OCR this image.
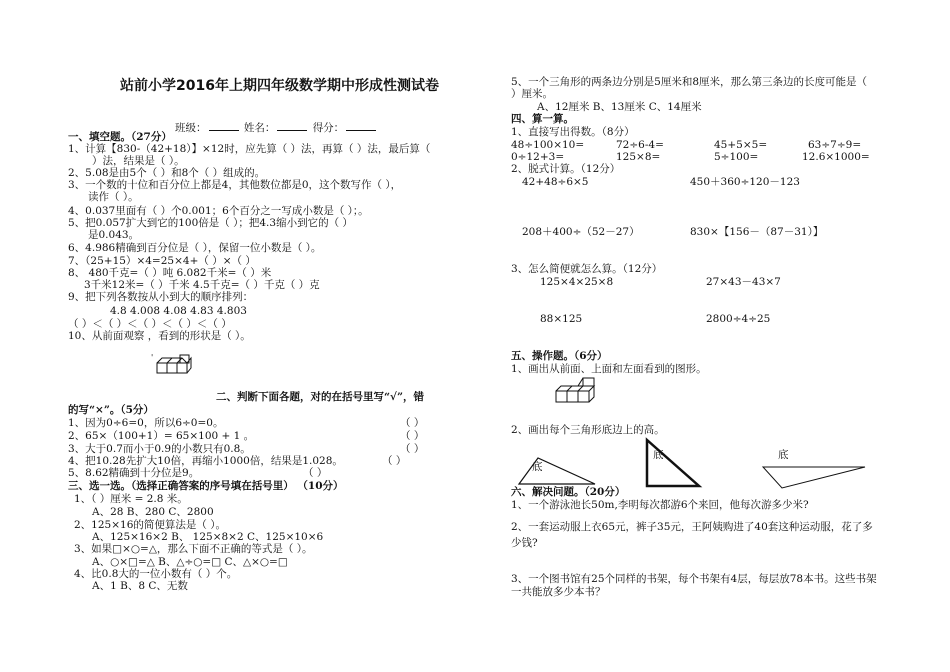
站前小学2016年上期四年级数学期中形成性测试卷
班级：	姓名：	得分：
一、填空题。（27分）
1、计算【830-（42+18）】×12时，应先算（ ）法，再算（ ）法，最后算（
）法，结果是（ ）。
2、5.08是由5个（ ）和8个（ ）组成的。
3、一个数的十位和百分位上都是4，其他数位都是0，这个数写作（ ），
读作（ ）。
4、0.037里面有（ ）个0.001；6个百分之一写成小数是（ ）；。
5、把0.057扩大到它的100倍是（ ）；把4.3缩小到它的（ ）
是0.043。
6、4.986精确到百分位是（ ），保留一位小数是（ ）。
7、（25+15）×4=25×4+（ ）×（ ）
8、 480千克=（ ）吨 6.082千米=（ ）米
3千米12米=（ ）千米 4.5千克=（ ）千克（ ）克
9、把下列各数按从小到大的顺序排列：
4.8 4.008 4.08 4.83 4.803
（ ）＜（ ）＜（ ）＜（ ）＜（ ）
10、从前面观察 ，看到的形状是（ ）。
'
二、判断下面各题，对的在括号里写“√”，错
的写“×”。（5分）
1、因为0÷6=0，所以6÷0=0。	（ ）
2、65×（100+1）= 65×100 + 1 。	（ ）
3、大于0.7而小于0.9的小数只有0.8。	（ ）
4、把10.28先扩大10倍，再缩小1000倍，结果是1.028。	（ ）
5、8.62精确到十分位是9。	（ ）
三、选一选。（选择正确答案的序号填在括号里） （10分）
1、（ ）厘米 = 2.8 米。
A、28 B、280 C、2800
2、125×16的简便算法是（ ）。
A、125×16×2 B、 125×8×2 C、125×10×6
3、如果□×○=△，那么下面不正确的等式是（ ）。
A、○×□=△ B、△÷○=□ C、△×○=□
4、比0.8大的一位小数有（ ）个。
A、1 B、8 C、无数
5、一个三角形的两条边分别是5厘米和8厘米，那么第三条边的长度可能是（
）厘米。
A、12厘米 B、13厘米 C、14厘米
四、算一算。
1、直接写出得数。（8分）
48÷100×10=	72÷6-4=	45+5×5=	63÷7÷9=
0÷12+3=	125×8=	5÷100=	12.6×1000=
2、脱式计算。（12分）
42+48÷6×5	450＋360÷120－123
208＋400÷（52－27）	830×【156－（87－31）】
3、怎么简便就怎么算。（12分）
125×4×25×8	27×43－43×7
88×125	2800÷4÷25
五、操作题。（6分）
1、画出从前面、上面和左面看到的图形。
2、画出每个三角形底边上的高。
底
底	底
六、解决问题。（20分）
1、一个游泳池长50m,李明每次都游6个来回，他每次游多少米?
2、一套运动服上衣65元，裤子35元，王阿姨购进了40套这种运动服，花了多
少钱?
3、一个图书馆有25个同样的书架，每个书架有4层，每层放78本书。这些书架
一共能放多少本书？
